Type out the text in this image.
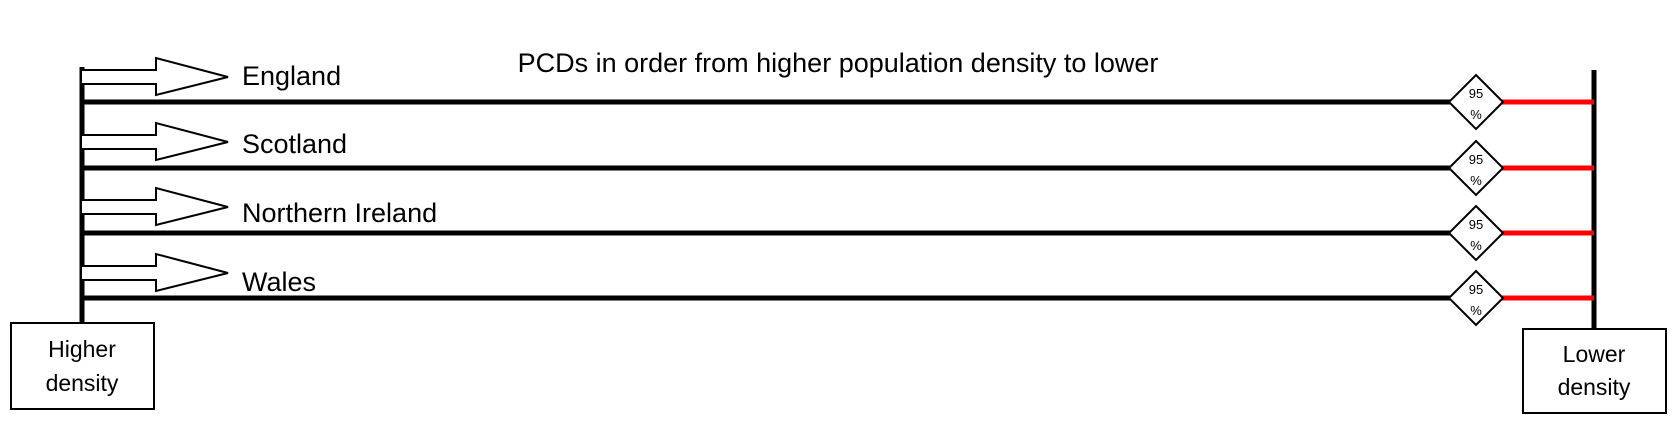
PCDs in order from higher population density to lower
England
95
%
Scotland
95
%
Northern Ireland	95
%
Wales	95
%
Higher
density
Lower
density
